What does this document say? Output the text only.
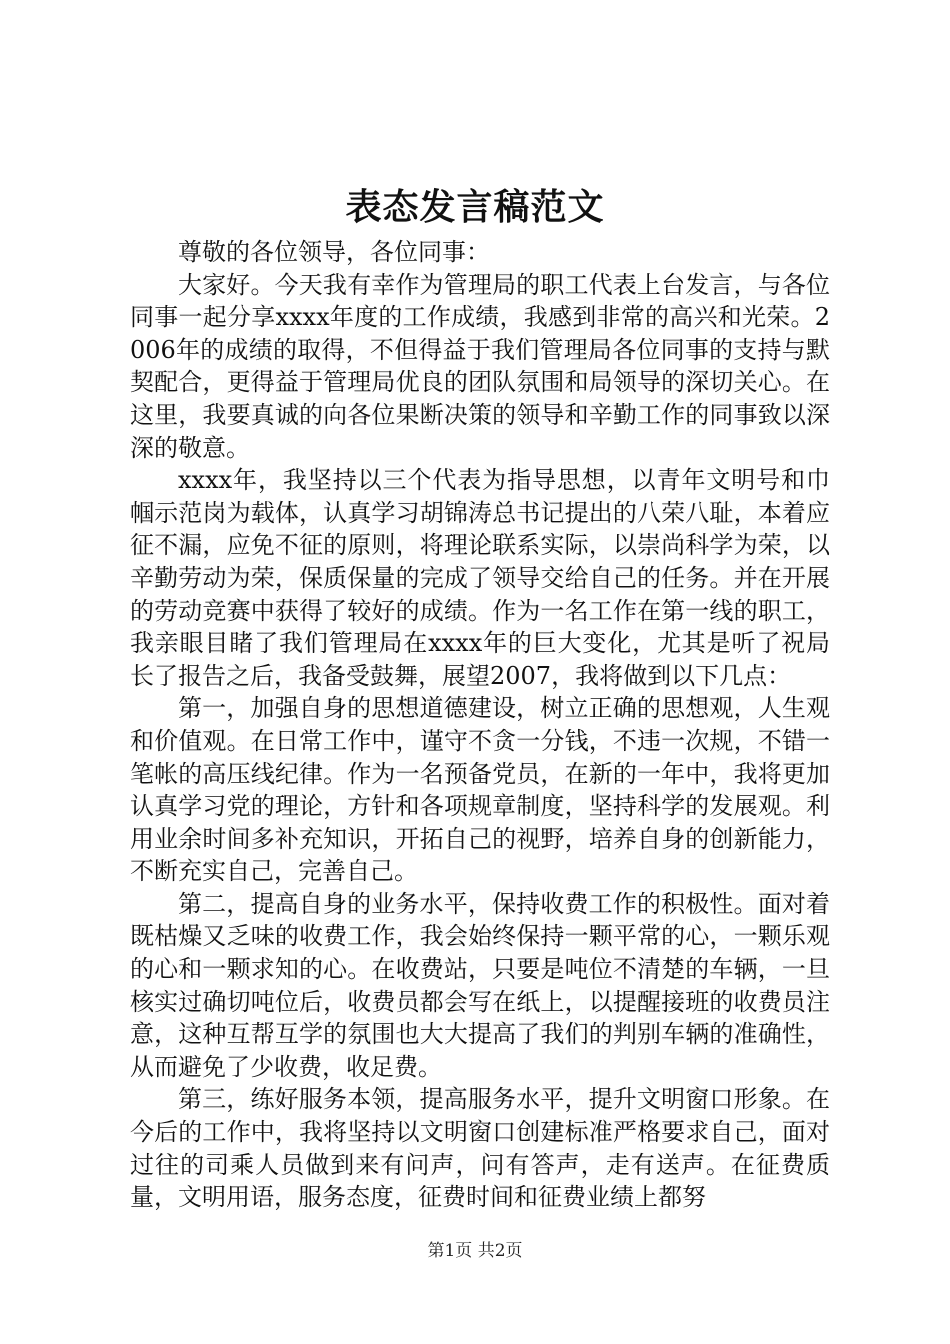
表态发言稿范文

尊敬的各位领导，各位同事：

大家好。今天我有幸作为管理局的职工代表上台发言，与各位同事一起分享xxxx年度的工作成绩，我感到非常的高兴和光荣。2006年的成绩的取得，不但得益于我们管理局各位同事的支持与默契配合，更得益于管理局优良的团队氛围和局领导的深切关心。在这里，我要真诚的向各位果断决策的领导和辛勤工作的同事致以深深的敬意。

xxxx年，我坚持以三个代表为指导思想，以青年文明号和巾帼示范岗为载体，认真学习胡锦涛总书记提出的八荣八耻，本着应征不漏，应免不征的原则，将理论联系实际，以崇尚科学为荣，以辛勤劳动为荣，保质保量的完成了领导交给自己的任务。并在开展的劳动竞赛中获得了较好的成绩。作为一名工作在第一线的职工，我亲眼目睹了我们管理局在xxxx年的巨大变化，尤其是听了祝局长了报告之后，我备受鼓舞，展望2007，我将做到以下几点：

第一，加强自身的思想道德建设，树立正确的思想观，人生观和价值观。在日常工作中，谨守不贪一分钱，不违一次规，不错一笔帐的高压线纪律。作为一名预备党员，在新的一年中，我将更加认真学习党的理论，方针和各项规章制度，坚持科学的发展观。利用业余时间多补充知识，开拓自己的视野，培养自身的创新能力，不断充实自己，完善自己。

第二，提高自身的业务水平，保持收费工作的积极性。面对着既枯燥又乏味的收费工作，我会始终保持一颗平常的心，一颗乐观的心和一颗求知的心。在收费站，只要是吨位不清楚的车辆，一旦核实过确切吨位后，收费员都会写在纸上，以提醒接班的收费员注意，这种互帮互学的氛围也大大提高了我们的判别车辆的准确性，从而避免了少收费，收足费。

第三，练好服务本领，提高服务水平，提升文明窗口形象。在今后的工作中，我将坚持以文明窗口创建标准严格要求自己，面对过往的司乘人员做到来有问声，问有答声，走有送声。在征费质量，文明用语，服务态度，征费时间和征费业绩上都努

第1页 共2页
